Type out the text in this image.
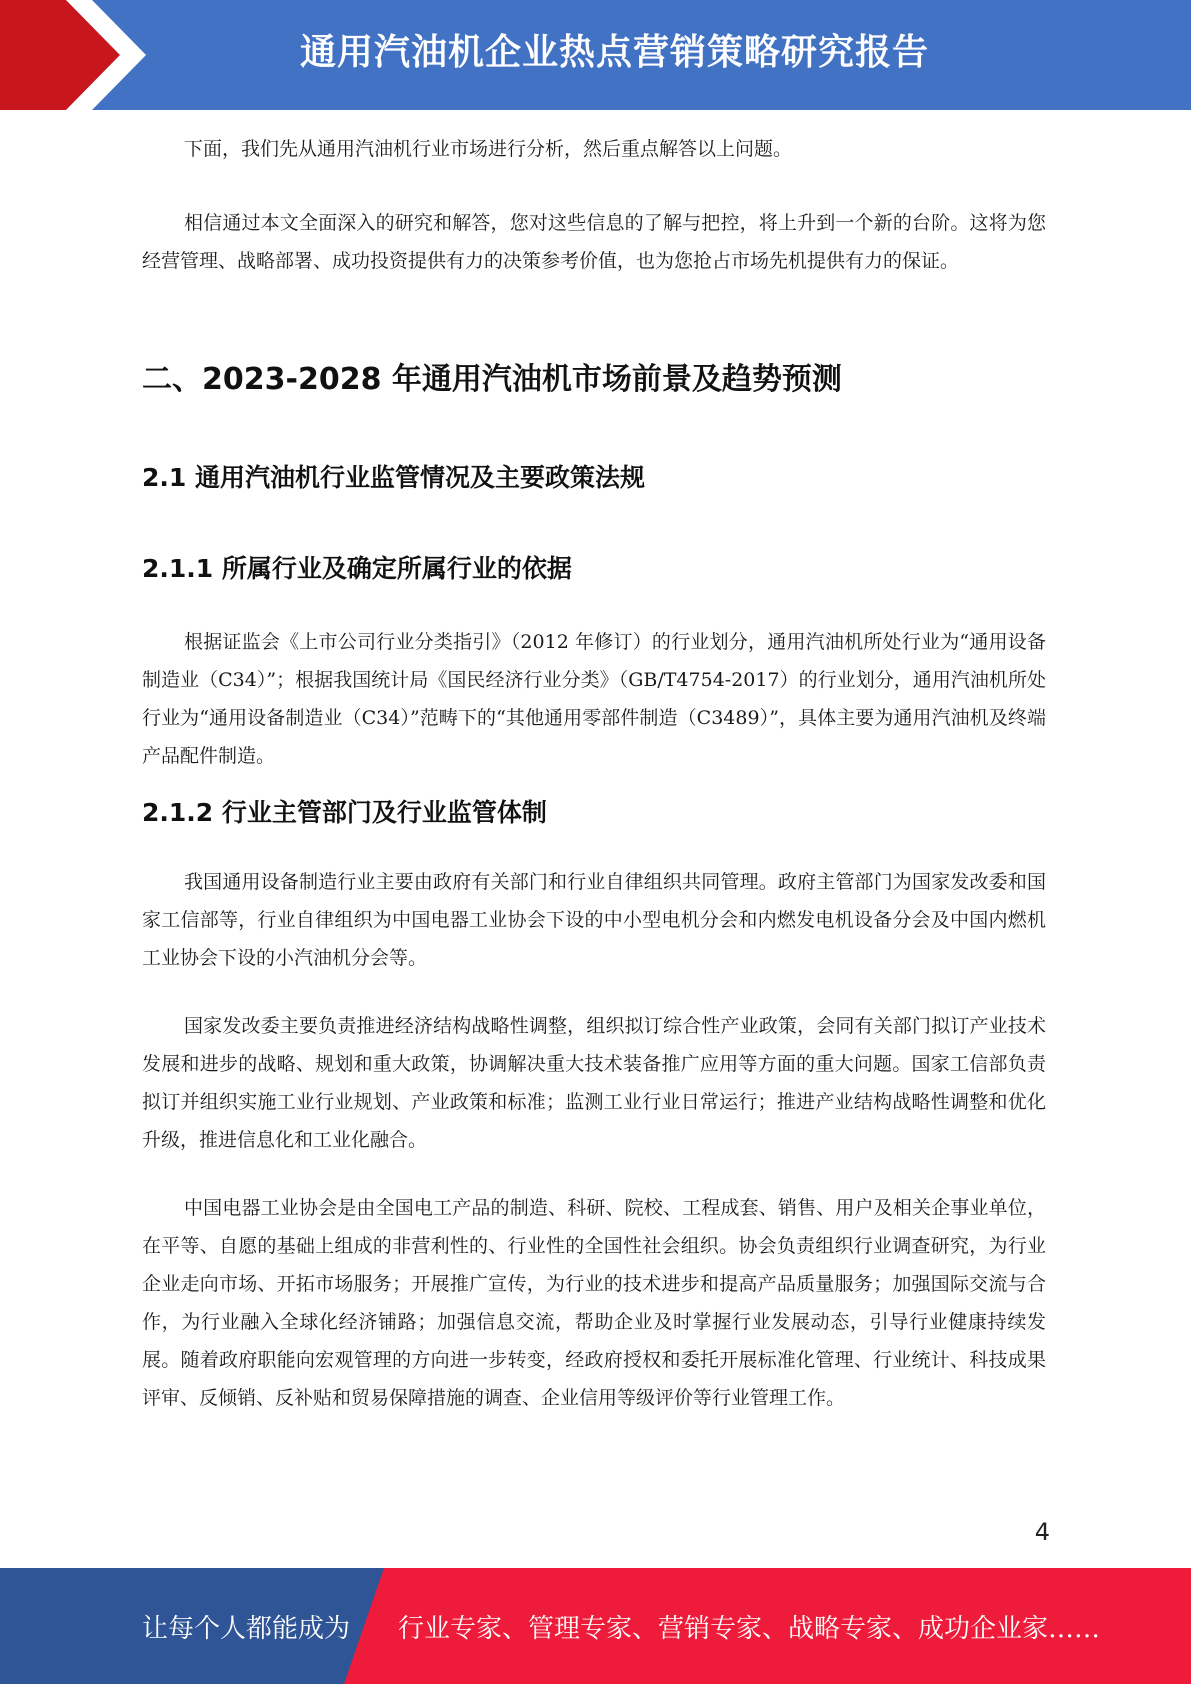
通用汽油机企业热点营销策略研究报告

下面，我们先从通用汽油机行业市场进行分析，然后重点解答以上问题。

相信通过本文全面深入的研究和解答，您对这些信息的了解与把控，将上升到一个新的台阶。这将为您经营管理、战略部署、成功投资提供有力的决策参考价值，也为您抢占市场先机提供有力的保证。

二、2023-2028 年通用汽油机市场前景及趋势预测
2.1 通用汽油机行业监管情况及主要政策法规
2.1.1 所属行业及确定所属行业的依据

根据证监会《上市公司行业分类指引》（2012 年修订）的行业划分，通用汽油机所处行业为“通用设备制造业（C34）”；根据我国统计局《国民经济行业分类》（GB/T4754-2017）的行业划分，通用汽油机所处行业为“通用设备制造业（C34）”范畴下的“其他通用零部件制造（C3489）”，具体主要为通用汽油机及终端产品配件制造。

2.1.2 行业主管部门及行业监管体制

我国通用设备制造行业主要由政府有关部门和行业自律组织共同管理。政府主管部门为国家发改委和国家工信部等，行业自律组织为中国电器工业协会下设的中小型电机分会和内燃发电机设备分会及中国内燃机工业协会下设的小汽油机分会等。

国家发改委主要负责推进经济结构战略性调整，组织拟订综合性产业政策，会同有关部门拟订产业技术发展和进步的战略、规划和重大政策，协调解决重大技术装备推广应用等方面的重大问题。国家工信部负责拟订并组织实施工业行业规划、产业政策和标准；监测工业行业日常运行；推进产业结构战略性调整和优化升级，推进信息化和工业化融合。

中国电器工业协会是由全国电工产品的制造、科研、院校、工程成套、销售、用户及相关企事业单位，在平等、自愿的基础上组成的非营利性的、行业性的全国性社会组织。协会负责组织行业调查研究，为行业企业走向市场、开拓市场服务；开展推广宣传，为行业的技术进步和提高产品质量服务；加强国际交流与合作，为行业融入全球化经济铺路；加强信息交流，帮助企业及时掌握行业发展动态，引导行业健康持续发展。随着政府职能向宏观管理的方向进一步转变，经政府授权和委托开展标准化管理、行业统计、科技成果评审、反倾销、反补贴和贸易保障措施的调查、企业信用等级评价等行业管理工作。

4
让每个人都能成为 行业专家、管理专家、营销专家、战略专家、成功企业家……
